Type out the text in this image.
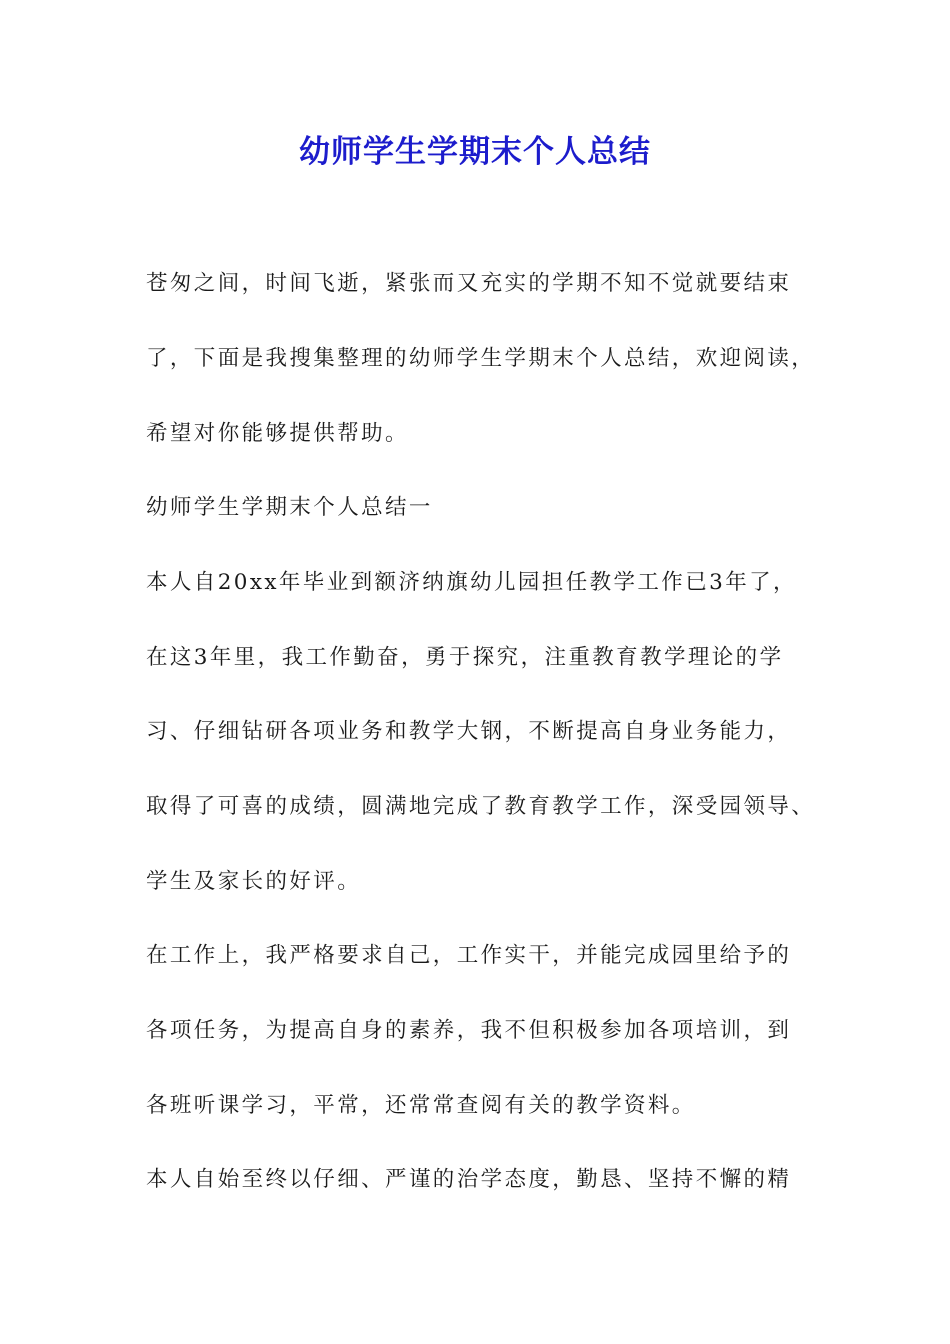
幼师学生学期末个人总结

苍匆之间，时间飞逝，紧张而又充实的学期不知不觉就要结束

了，下面是我搜集整理的幼师学生学期末个人总结，欢迎阅读，

希望对你能够提供帮助。

幼师学生学期末个人总结一

本人自20xx年毕业到额济纳旗幼儿园担任教学工作已3年了，

在这3年里，我工作勤奋，勇于探究，注重教育教学理论的学

习、仔细钻研各项业务和教学大钢，不断提高自身业务能力，

取得了可喜的成绩，圆满地完成了教育教学工作，深受园领导、

学生及家长的好评。

在工作上，我严格要求自己，工作实干，并能完成园里给予的

各项任务，为提高自身的素养，我不但积极参加各项培训，到

各班听课学习，平常，还常常查阅有关的教学资料。

本人自始至终以仔细、严谨的治学态度，勤恳、坚持不懈的精
